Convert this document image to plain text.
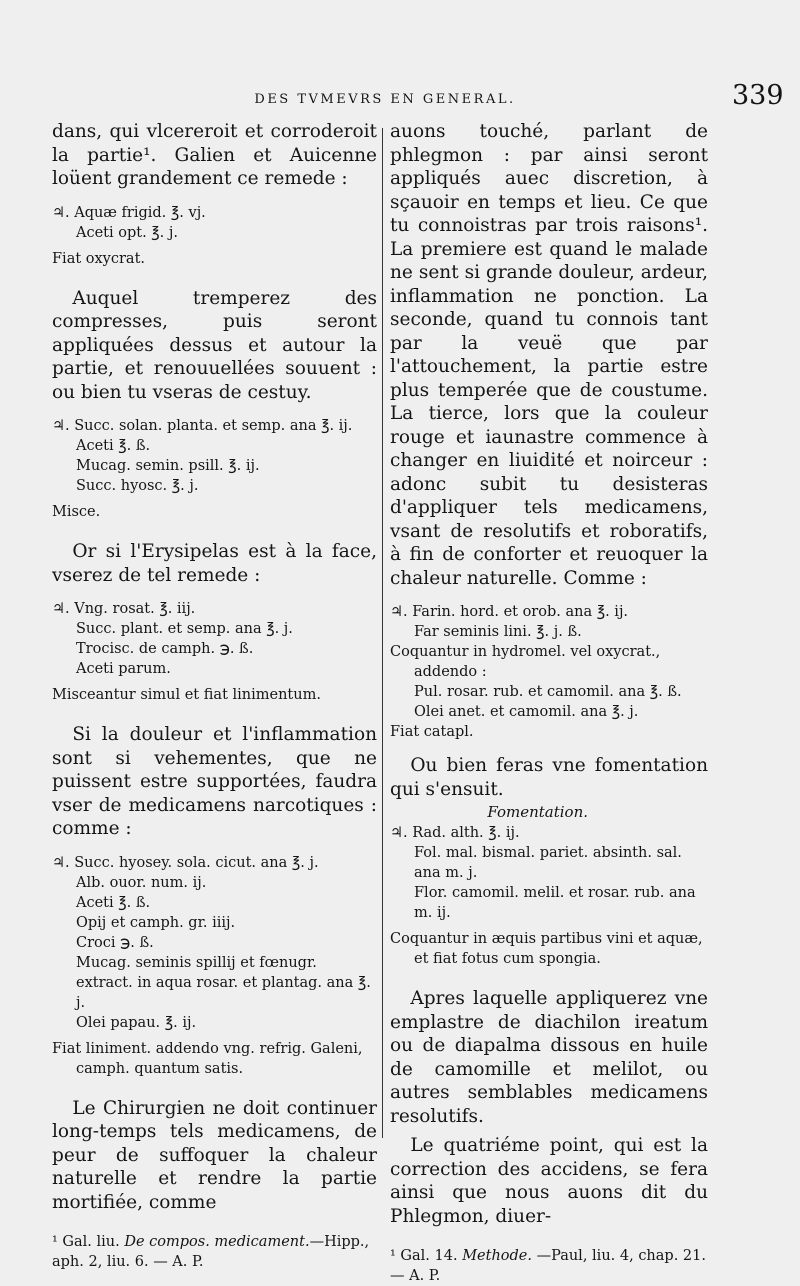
DES TVMEVRS EN GENERAL.	339

dans, qui vlcereroit et corroderoit la partie¹. Galien et Auicenne loüent grandement ce remede :

♃. Aquæ frigid. ℥. vj.
Aceti opt. ℥. j.
Fiat oxycrat.

Auquel tremperez des compresses, puis seront appliquées dessus et autour la partie, et renouuellées souuent : ou bien tu vseras de cestuy.

♃. Succ. solan. planta. et semp. ana ℥. ij.
Aceti ℥. ß.
Mucag. semin. psill. ℥. ij.
Succ. hyosc. ℥. j.
Misce.

Or si l'Erysipelas est à la face, vserez de tel remede :

♃. Vng. rosat. ℥. iij.
Succ. plant. et semp. ana ℥. j.
Trocisc. de camph. ℈. ß.
Aceti parum.
Misceantur simul et fiat linimentum.

Si la douleur et l'inflammation sont si vehementes, que ne puissent estre supportées, faudra vser de medicamens narcotiques : comme :

♃. Succ. hyosey. sola. cicut. ana ℥. j.
Alb. ouor. num. ij.
Aceti ℥. ß.
Opij et camph. gr. iiij.
Croci ℈. ß.
Mucag. seminis spillij et fœnugr. extract. in aqua rosar. et plantag. ana ℥. j.
Olei papau. ℥. ij.
Fiat liniment. addendo vng. refrig. Galeni, camph. quantum satis.

Le Chirurgien ne doit continuer long-temps tels medicamens, de peur de suffoquer la chaleur naturelle et rendre la partie mortifiée, comme

¹ Gal. liu. De compos. medicament.—Hipp., aph. 2, liu. 6. — A. P.

auons touché, parlant de phlegmon : par ainsi seront appliqués auec discretion, à sçauoir en temps et lieu. Ce que tu connoistras par trois raisons¹. La premiere est quand le malade ne sent si grande douleur, ardeur, inflammation ne ponction. La seconde, quand tu connois tant par la veuë que par l'attouchement, la partie estre plus temperée que de coustume. La tierce, lors que la couleur rouge et iaunastre commence à changer en liuidité et noirceur : adonc subit tu desisteras d'appliquer tels medicamens, vsant de resolutifs et roboratifs, à fin de conforter et reuoquer la chaleur naturelle. Comme :

♃. Farin. hord. et orob. ana ℥. ij.
Far seminis lini. ℥. j. ß.
Coquantur in hydromel. vel oxycrat., addendo :
Pul. rosar. rub. et camomil. ana ℥. ß.
Olei anet. et camomil. ana ℥. j.
Fiat catapl.

Ou bien feras vne fomentation qui s'ensuit.

Fomentation.
♃. Rad. alth. ℥. ij.
Fol. mal. bismal. pariet. absinth. sal. ana m. j.
Flor. camomil. melil. et rosar. rub. ana m. ij.
Coquantur in æquis partibus vini et aquæ, et fiat fotus cum spongia.

Apres laquelle appliquerez vne emplastre de diachilon ireatum ou de diapalma dissous en huile de camomille et melilot, ou autres semblables medicamens resolutifs.

Le quatriéme point, qui est la correction des accidens, se fera ainsi que nous auons dit du Phlegmon, diuer-

¹ Gal. 14. Methode. —Paul, liu. 4, chap. 21. — A. P.
